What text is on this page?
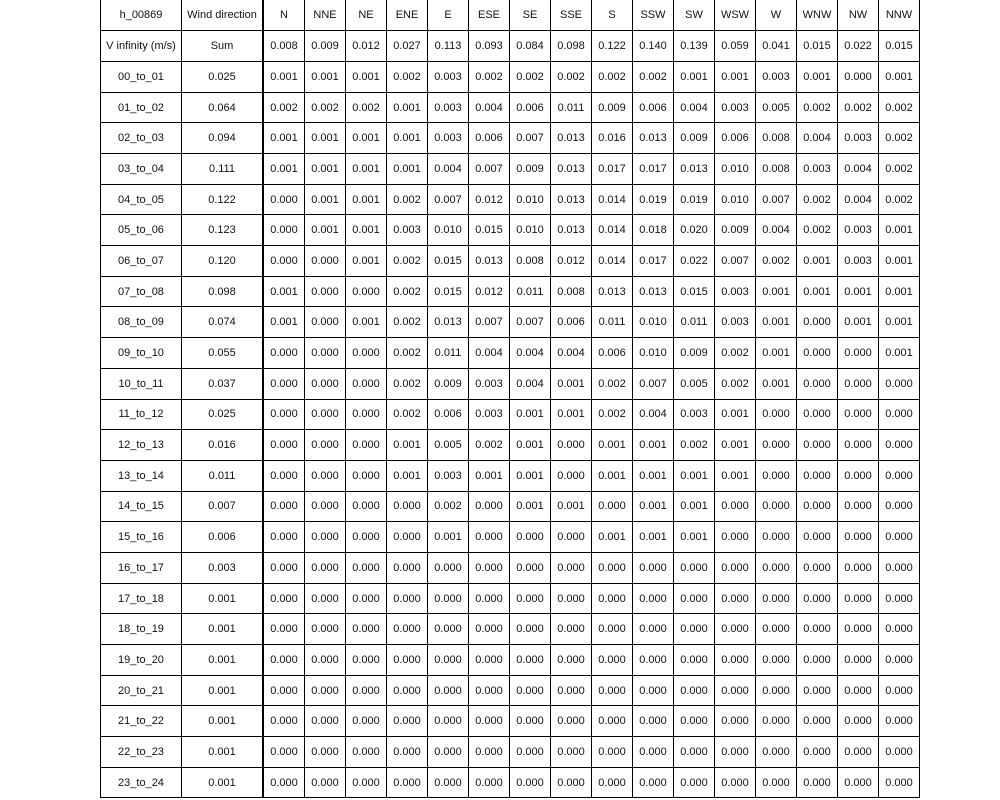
h_00869	Wind direction	N	NNE	NE	ENE	E	ESE	SE	SSE	S	SSW	SW	WSW	W	WNW	NW	NNW
V infinity (m/s)	Sum	0.008	0.009	0.012	0.027	0.113	0.093	0.084	0.098	0.122	0.140	0.139	0.059	0.041	0.015	0.022	0.015
00_to_01	0.025	0.001	0.001	0.001	0.002	0.003	0.002	0.002	0.002	0.002	0.002	0.001	0.001	0.003	0.001	0.000	0.001
01_to_02	0.064	0.002	0.002	0.002	0.001	0.003	0.004	0.006	0.011	0.009	0.006	0.004	0.003	0.005	0.002	0.002	0.002
02_to_03	0.094	0.001	0.001	0.001	0.001	0.003	0.006	0.007	0.013	0.016	0.013	0.009	0.006	0.008	0.004	0.003	0.002
03_to_04	0.111	0.001	0.001	0.001	0.001	0.004	0.007	0.009	0.013	0.017	0.017	0.013	0.010	0.008	0.003	0.004	0.002
04_to_05	0.122	0.000	0.001	0.001	0.002	0.007	0.012	0.010	0.013	0.014	0.019	0.019	0.010	0.007	0.002	0.004	0.002
05_to_06	0.123	0.000	0.001	0.001	0.003	0.010	0.015	0.010	0.013	0.014	0.018	0.020	0.009	0.004	0.002	0.003	0.001
06_to_07	0.120	0.000	0.000	0.001	0.002	0.015	0.013	0.008	0.012	0.014	0.017	0.022	0.007	0.002	0.001	0.003	0.001
07_to_08	0.098	0.001	0.000	0.000	0.002	0.015	0.012	0.011	0.008	0.013	0.013	0.015	0.003	0.001	0.001	0.001	0.001
08_to_09	0.074	0.001	0.000	0.001	0.002	0.013	0.007	0.007	0.006	0.011	0.010	0.011	0.003	0.001	0.000	0.001	0.001
09_to_10	0.055	0.000	0.000	0.000	0.002	0.011	0.004	0.004	0.004	0.006	0.010	0.009	0.002	0.001	0.000	0.000	0.001
10_to_11	0.037	0.000	0.000	0.000	0.002	0.009	0.003	0.004	0.001	0.002	0.007	0.005	0.002	0.001	0.000	0.000	0.000
11_to_12	0.025	0.000	0.000	0.000	0.002	0.006	0.003	0.001	0.001	0.002	0.004	0.003	0.001	0.000	0.000	0.000	0.000
12_to_13	0.016	0.000	0.000	0.000	0.001	0.005	0.002	0.001	0.000	0.001	0.001	0.002	0.001	0.000	0.000	0.000	0.000
13_to_14	0.011	0.000	0.000	0.000	0.001	0.003	0.001	0.001	0.000	0.001	0.001	0.001	0.001	0.000	0.000	0.000	0.000
14_to_15	0.007	0.000	0.000	0.000	0.000	0.002	0.000	0.001	0.001	0.000	0.001	0.001	0.000	0.000	0.000	0.000	0.000
15_to_16	0.006	0.000	0.000	0.000	0.000	0.001	0.000	0.000	0.000	0.001	0.001	0.001	0.000	0.000	0.000	0.000	0.000
16_to_17	0.003	0.000	0.000	0.000	0.000	0.000	0.000	0.000	0.000	0.000	0.000	0.000	0.000	0.000	0.000	0.000	0.000
17_to_18	0.001	0.000	0.000	0.000	0.000	0.000	0.000	0.000	0.000	0.000	0.000	0.000	0.000	0.000	0.000	0.000	0.000
18_to_19	0.001	0.000	0.000	0.000	0.000	0.000	0.000	0.000	0.000	0.000	0.000	0.000	0.000	0.000	0.000	0.000	0.000
19_to_20	0.001	0.000	0.000	0.000	0.000	0.000	0.000	0.000	0.000	0.000	0.000	0.000	0.000	0.000	0.000	0.000	0.000
20_to_21	0.001	0.000	0.000	0.000	0.000	0.000	0.000	0.000	0.000	0.000	0.000	0.000	0.000	0.000	0.000	0.000	0.000
21_to_22	0.001	0.000	0.000	0.000	0.000	0.000	0.000	0.000	0.000	0.000	0.000	0.000	0.000	0.000	0.000	0.000	0.000
22_to_23	0.001	0.000	0.000	0.000	0.000	0.000	0.000	0.000	0.000	0.000	0.000	0.000	0.000	0.000	0.000	0.000	0.000
23_to_24	0.001	0.000	0.000	0.000	0.000	0.000	0.000	0.000	0.000	0.000	0.000	0.000	0.000	0.000	0.000	0.000	0.000
